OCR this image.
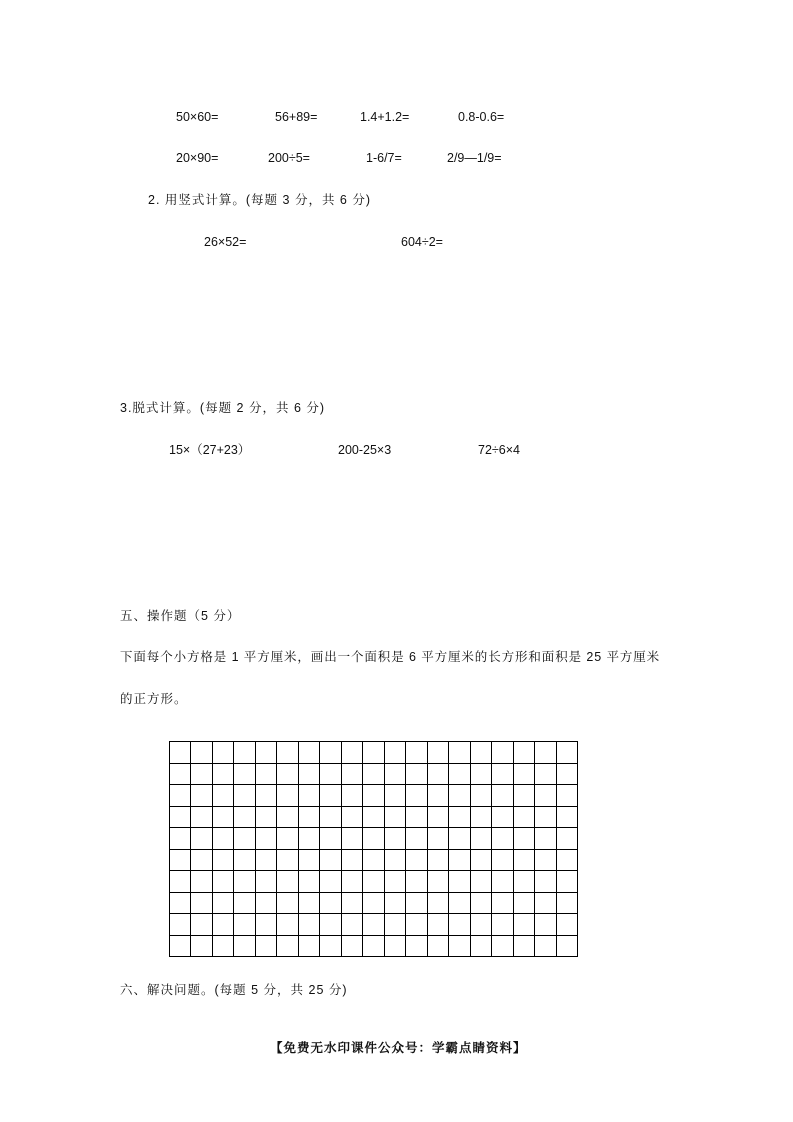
50×60=	56+89=	1.4+1.2=	0.8-0.6=
20×90=	200÷5=	1-6/7=	2/9—1/9=
2. 用竖式计算。(每题 3 分，共 6 分)
26×52=	604÷2=
3.脱式计算。(每题 2 分，共 6 分)
15×（27+23）	200-25×3	72÷6×4
五、操作题（5 分）
下面每个小方格是 1 平方厘米，画出一个面积是 6 平方厘米的长方形和面积是 25 平方厘米
的正方形。
六、解决问题。(每题 5 分，共 25 分)
【免费无水印课件公众号：学霸点睛资料】
